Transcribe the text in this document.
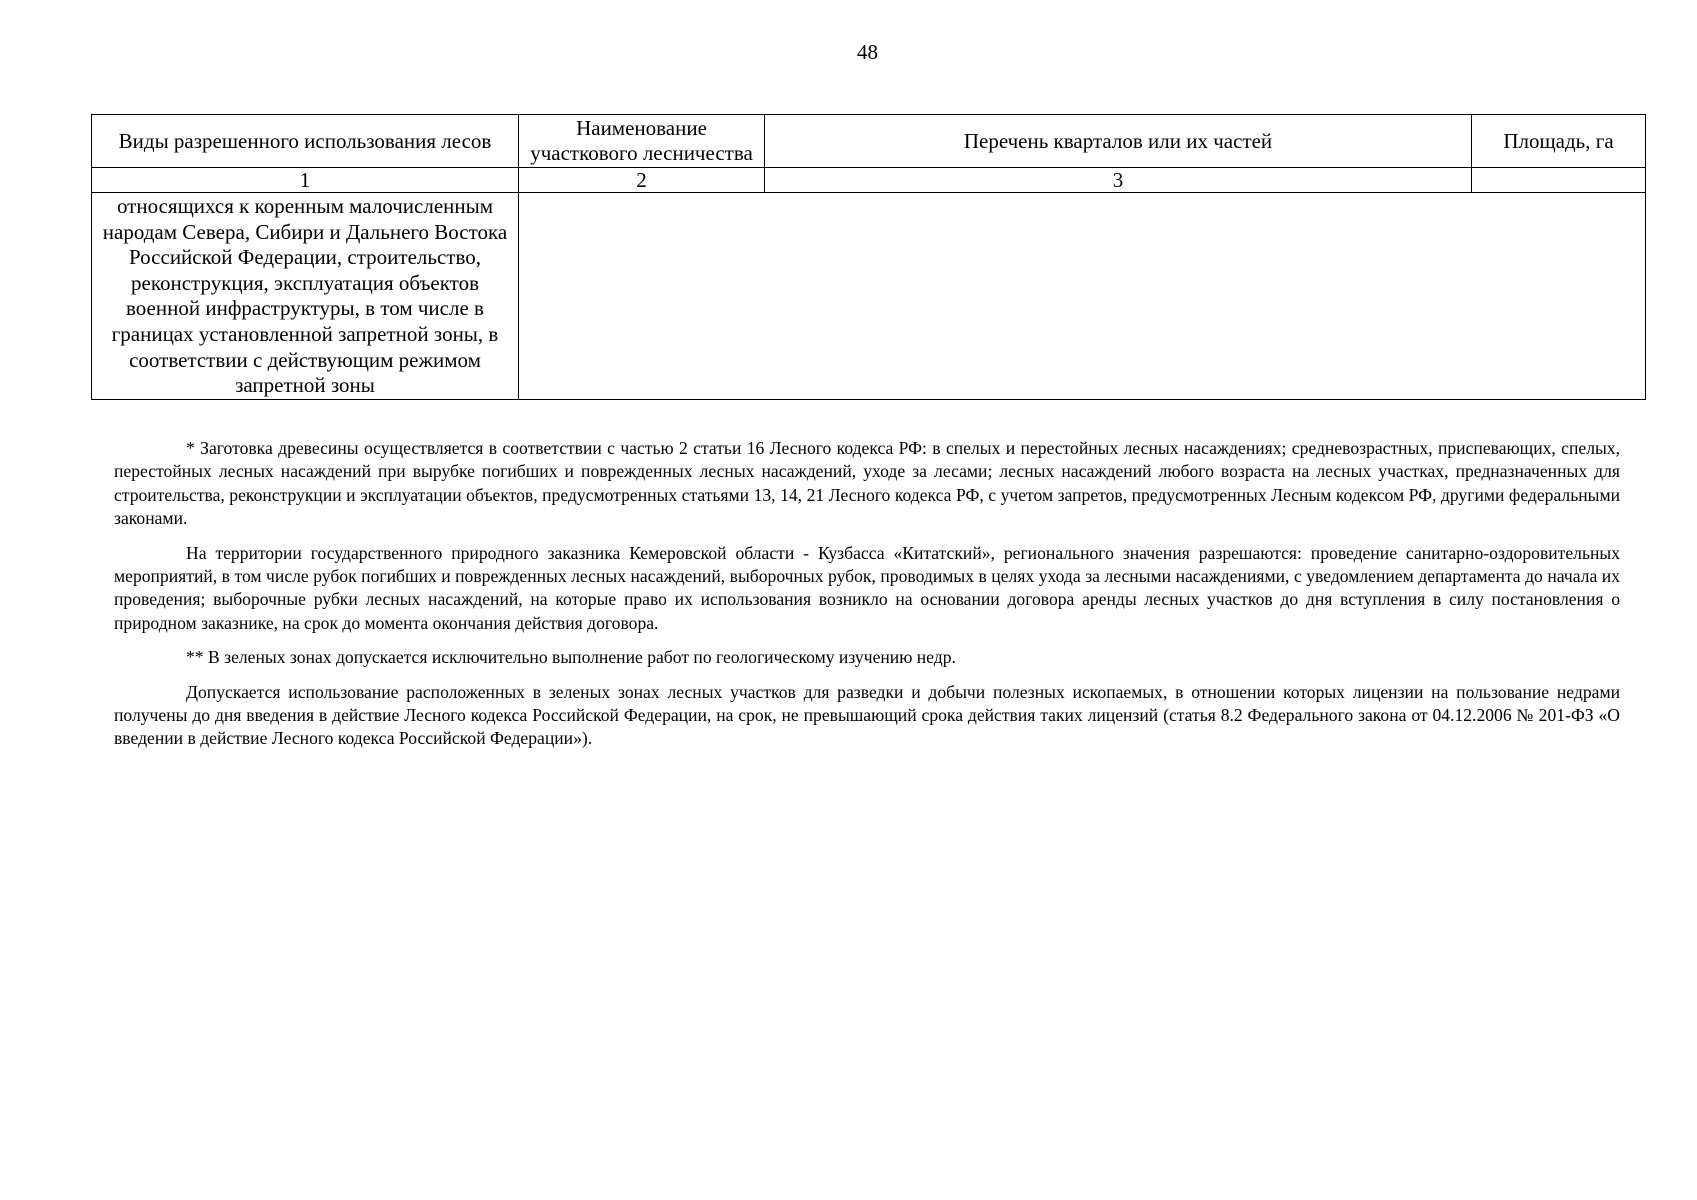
48
Виды разрешенного использования лесов	Наименование участкового лесничества	Перечень кварталов или их частей	Площадь, га
1	2	3	
относящихся к коренным малочисленным народам Севера, Сибири и Дальнего Востока Российской Федерации, строительство, реконструкция, эксплуатация объектов военной инфраструктуры, в том числе в границах установленной запретной зоны, в соответствии с действующим режимом запретной зоны			

* Заготовка древесины осуществляется в соответствии с частью 2 статьи 16 Лесного кодекса РФ: в спелых и перестойных лесных насаждениях; средневозрастных, приспевающих, спелых, перестойных лесных насаждений при вырубке погибших и поврежденных лесных насаждений, уходе за лесами; лесных насаждений любого возраста на лесных участках, предназначенных для строительства, реконструкции и эксплуатации объектов, предусмотренных статьями 13, 14, 21 Лесного кодекса РФ, с учетом запретов, предусмотренных Лесным кодексом РФ, другими федеральными законами.

На территории государственного природного заказника Кемеровской области - Кузбасса «Китатский», регионального значения разрешаются: проведение санитарно-оздоровительных мероприятий, в том числе рубок погибших и поврежденных лесных насаждений, выборочных рубок, проводимых в целях ухода за лесными насаждениями, с уведомлением департамента до начала их проведения; выборочные рубки лесных насаждений, на которые право их использования возникло на основании договора аренды лесных участков до дня вступления в силу постановления о природном заказнике, на срок до момента окончания действия договора.

** В зеленых зонах допускается исключительно выполнение работ по геологическому изучению недр.

Допускается использование расположенных в зеленых зонах лесных участков для разведки и добычи полезных ископаемых, в отношении которых лицензии на пользование недрами получены до дня введения в действие Лесного кодекса Российской Федерации, на срок, не превышающий срока действия таких лицензий (статья 8.2 Федерального закона от 04.12.2006 № 201-ФЗ «О введении в действие Лесного кодекса Российской Федерации»).
